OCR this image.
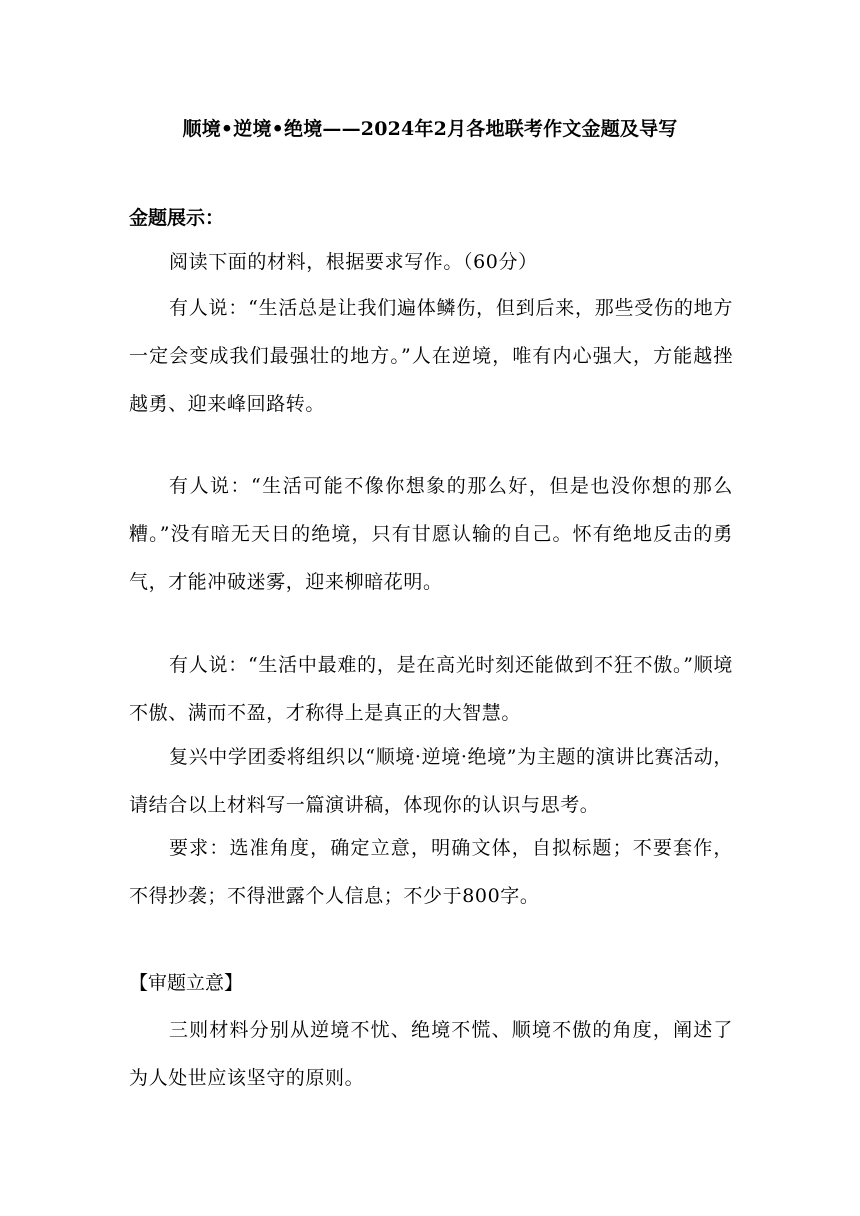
顺境•逆境•绝境——2024年2月各地联考作文金题及导写
金题展示：
阅读下面的材料，根据要求写作。（60分）
有人说：“生活总是让我们遍体鳞伤，但到后来，那些受伤的地方一定会变成我们最强壮的地方。”人在逆境，唯有内心强大，方能越挫越勇、迎来峰回路转。
有人说：“生活可能不像你想象的那么好，但是也没你想的那么糟。”没有暗无天日的绝境，只有甘愿认输的自己。怀有绝地反击的勇气，才能冲破迷雾，迎来柳暗花明。
有人说：“生活中最难的，是在高光时刻还能做到不狂不傲。”顺境不傲、满而不盈，才称得上是真正的大智慧。
复兴中学团委将组织以“顺境·逆境·绝境”为主题的演讲比赛活动，请结合以上材料写一篇演讲稿，体现你的认识与思考。
要求：选准角度，确定立意，明确文体，自拟标题；不要套作，不得抄袭；不得泄露个人信息；不少于800字。
【审题立意】
三则材料分别从逆境不忧、绝境不慌、顺境不傲的角度，阐述了为人处世应该坚守的原则。
